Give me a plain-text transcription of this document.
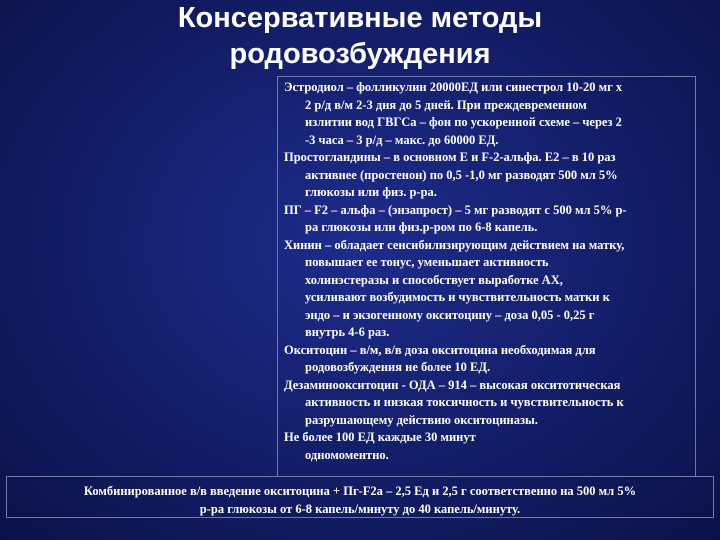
Консервативные методы
родовозбуждения
Эстродиол – фолликулин 20000ЕД или синестрол 10-20 мг х
2 р/д в/м 2-3 дня до 5 дней. При преждевременном
излитии вод ГВГСа – фон по ускоренной схеме – через 2
-3 часа – 3 р/д – макс. до 60000 ЕД.
Простогландины – в основном Е и F-2-альфа. Е2 – в 10 раз
активнее (простенон) по 0,5 -1,0 мг разводят 500 мл 5%
глюкозы или физ. р-ра.
ПГ – F2 – альфа – (энзапрост) – 5 мг разводят с 500 мл 5% р-
ра глюкозы или физ.р-ром по 6-8 капель.
Хинин – обладает сенсибилизирующим действием на матку,
повышает ее тонус, уменьшает активность
холинэстеразы и способствует выработке АХ,
усиливают возбудимость и чувствительность матки к
эндо – и экзогенному окситоцину – доза 0,05 - 0,25 г
внутрь 4-6 раз.
Окситоцин – в/м, в/в доза окситоцина необходимая для
родовозбуждения не более 10 ЕД.
Дезаминоокситоцин - ОДА – 914 – высокая окситотическая
активность и низкая токсичность и чувствительность к
разрушающему действию окситоциназы.
Не более 100 ЕД каждые 30 минут
одномоментно.
Комбинированное в/в введение окситоцина + Пг-F2а – 2,5 Ед и 2,5 г соответственно на 500 мл 5%
р-ра глюкозы от 6-8 капель/минуту до 40 капель/минуту.
